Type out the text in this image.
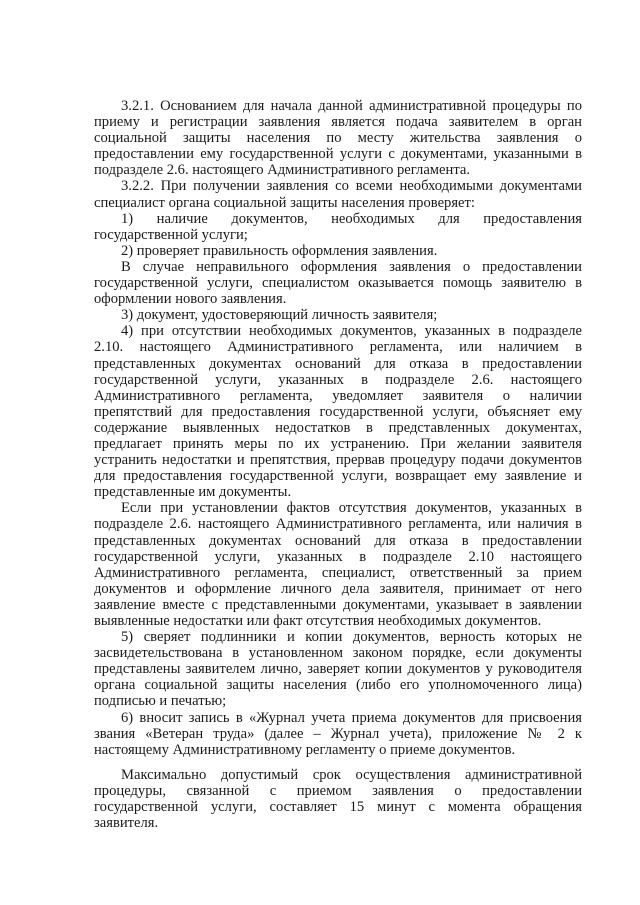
3.2.1. Основанием для начала данной административной процедуры по приему и регистрации заявления является подача заявителем в орган социальной защиты населения по месту жительства заявления о предоставлении ему государственной услуги с документами, указанными в подразделе 2.6. настоящего Административного регламента.

3.2.2. При получении заявления со всеми необходимыми документами специалист органа социальной защиты населения проверяет:

1) наличие документов, необходимых для предоставления государственной услуги;

2) проверяет правильность оформления заявления.

В случае неправильного оформления заявления о предоставлении государственной услуги, специалистом оказывается помощь заявителю в оформлении нового заявления.

3) документ, удостоверяющий личность заявителя;

4) при отсутствии необходимых документов, указанных в подразделе 2.10. настоящего Административного регламента, или наличием в представленных документах оснований для отказа в предоставлении государственной услуги, указанных в подразделе 2.6. настоящего Административного регламента, уведомляет заявителя о наличии препятствий для предоставления государственной услуги, объясняет ему содержание выявленных недостатков в представленных документах, предлагает принять меры по их устранению. При желании заявителя устранить недостатки и препятствия, прервав процедуру подачи документов для предоставления государственной услуги, возвращает ему заявление и представленные им документы.

Если при установлении фактов отсутствия документов, указанных в подразделе 2.6. настоящего Административного регламента, или наличия в представленных документах оснований для отказа в предоставлении государственной услуги, указанных в подразделе 2.10 настоящего Административного регламента, специалист, ответственный за прием документов и оформление личного дела заявителя, принимает от него заявление вместе с представленными документами, указывает в заявлении выявленные недостатки или факт отсутствия необходимых документов.

5) сверяет подлинники и копии документов, верность которых не засвидетельствована в установленном законом порядке, если документы представлены заявителем лично, заверяет копии документов у руководителя органа социальной защиты населения (либо его уполномоченного лица) подписью и печатью;

6) вносит запись в «Журнал учета приема документов для присвоения звания «Ветеран труда» (далее – Журнал учета), приложение № 2 к настоящему Административному регламенту о приеме документов.

Максимально допустимый срок осуществления административной процедуры, связанной с приемом заявления о предоставлении государственной услуги, составляет 15 минут с момента обращения заявителя.
